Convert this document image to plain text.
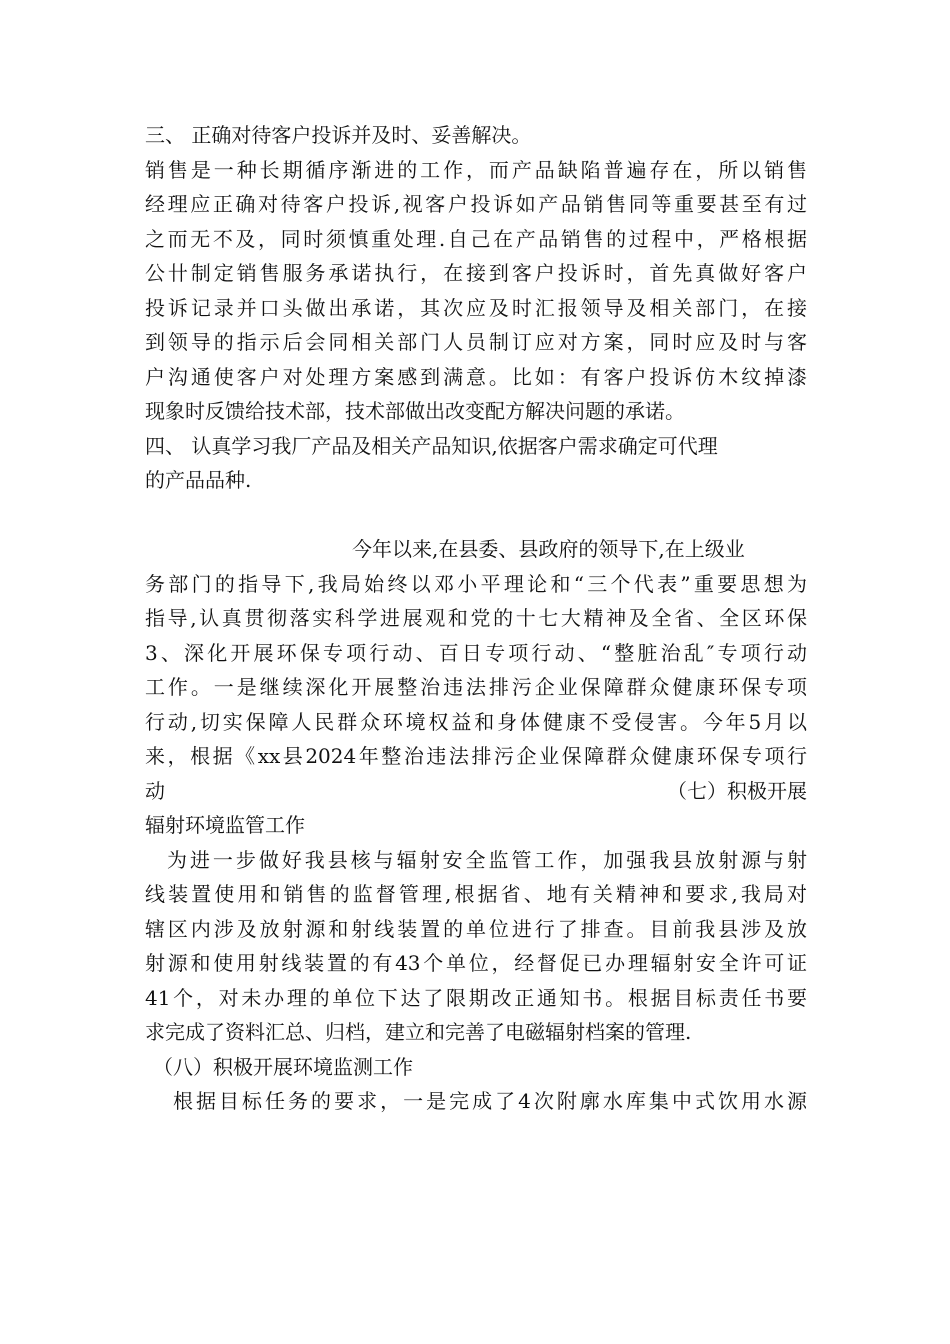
三、 正确对待客户投诉并及时、妥善解决。
销售是一种长期循序渐进的工作，而产品缺陷普遍存在，所以销售
经理应正确对待客户投诉,视客户投诉如产品销售同等重要甚至有过
之而无不及，同时须慎重处理.自己在产品销售的过程中，严格根据
公卄制定销售服务承诺执行，在接到客户投诉时，首先真做好客户
投诉记录并口头做出承诺，其次应及时汇报领导及相关部门，在接
到领导的指示后会同相关部门人员制订应对方案，同时应及时与客
户沟通使客户对处理方案感到满意。比如：有客户投诉仿木纹掉漆
现象时反馈给技术部，技术部做出改变配方解决问题的承诺。
四、 认真学习我厂产品及相关产品知识,依据客户需求确定可代理
的产品品种.
今年以来,在县委、县政府的领导下,在上级业
务部门的指导下,我局始终以邓小平理论和“三个代表”重要思想为
指导,认真贯彻落实科学进展观和党的十七大精神及全省、全区环保
3、深化开展环保专项行动、百日专项行动、“整脏治乱″专项行动
工作。一是继续深化开展整治违法排污企业保障群众健康环保专项
行动,切实保障人民群众环境权益和身体健康不受侵害。今年5月以
来，根据《xx县2024年整治违法排污企业保障群众健康环保专项行
动	（七）积极开展
辐射环境监管工作
为进一步做好我县核与辐射安全监管工作，加强我县放射源与射
线装置使用和销售的监督管理,根据省、地有关精神和要求,我局对
辖区内涉及放射源和射线装置的单位进行了排查。目前我县涉及放
射源和使用射线装置的有43个单位，经督促已办理辐射安全许可证
41个，对未办理的单位下达了限期改正通知书。根据目标责任书要
求完成了资料汇总、归档，建立和完善了电磁辐射档案的管理.
（八）积极开展环境监测工作
根据目标任务的要求，一是完成了4次附廓水库集中式饮用水源
